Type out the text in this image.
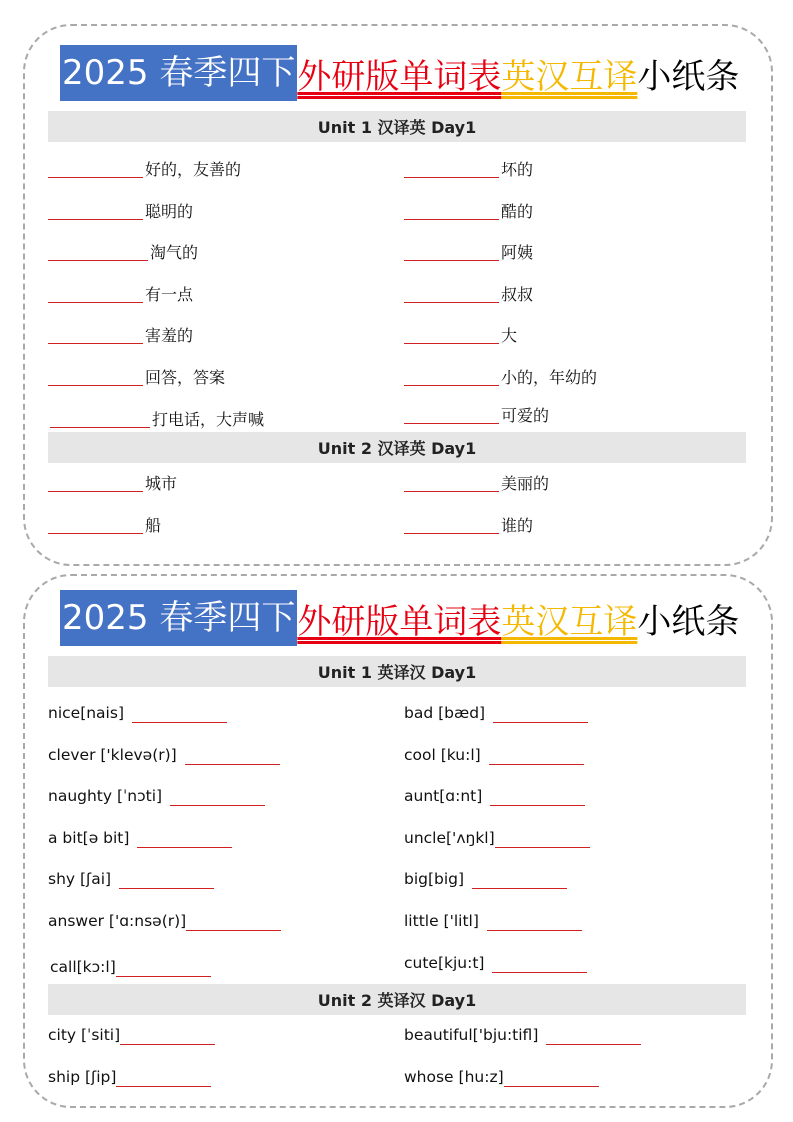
2025 春季四下 外研版单词表 英汉互译 小纸条
Unit 1 汉译英 Day1
好的，友善的
聪明的
淘气的
有一点
害羞的
回答，答案
打电话，大声喊
坏的
酷的
阿姨
叔叔
大
小的，年幼的
可爱的
Unit 2 汉译英 Day1
城市
船
美丽的
谁的
2025 春季四下 外研版单词表 英汉互译 小纸条
Unit 1 英译汉 Day1
nice[nais]
clever ['klevə(r)]
naughty [ˈnɔti]
a bit[ə bit]
shy [ʃai]
answer ['ɑ:nsə(r)]
call[kɔ:l]
bad [bæd]
cool [ku:l]
aunt[ɑ:nt]
uncle['ʌŋkl]
big[big]
little ['litl]
cute[kju:t]
Unit 2 英译汉 Day1
city [ˈsiti]
ship [ʃip]
beautiful['bju:tifl]
whose [hu:z]
